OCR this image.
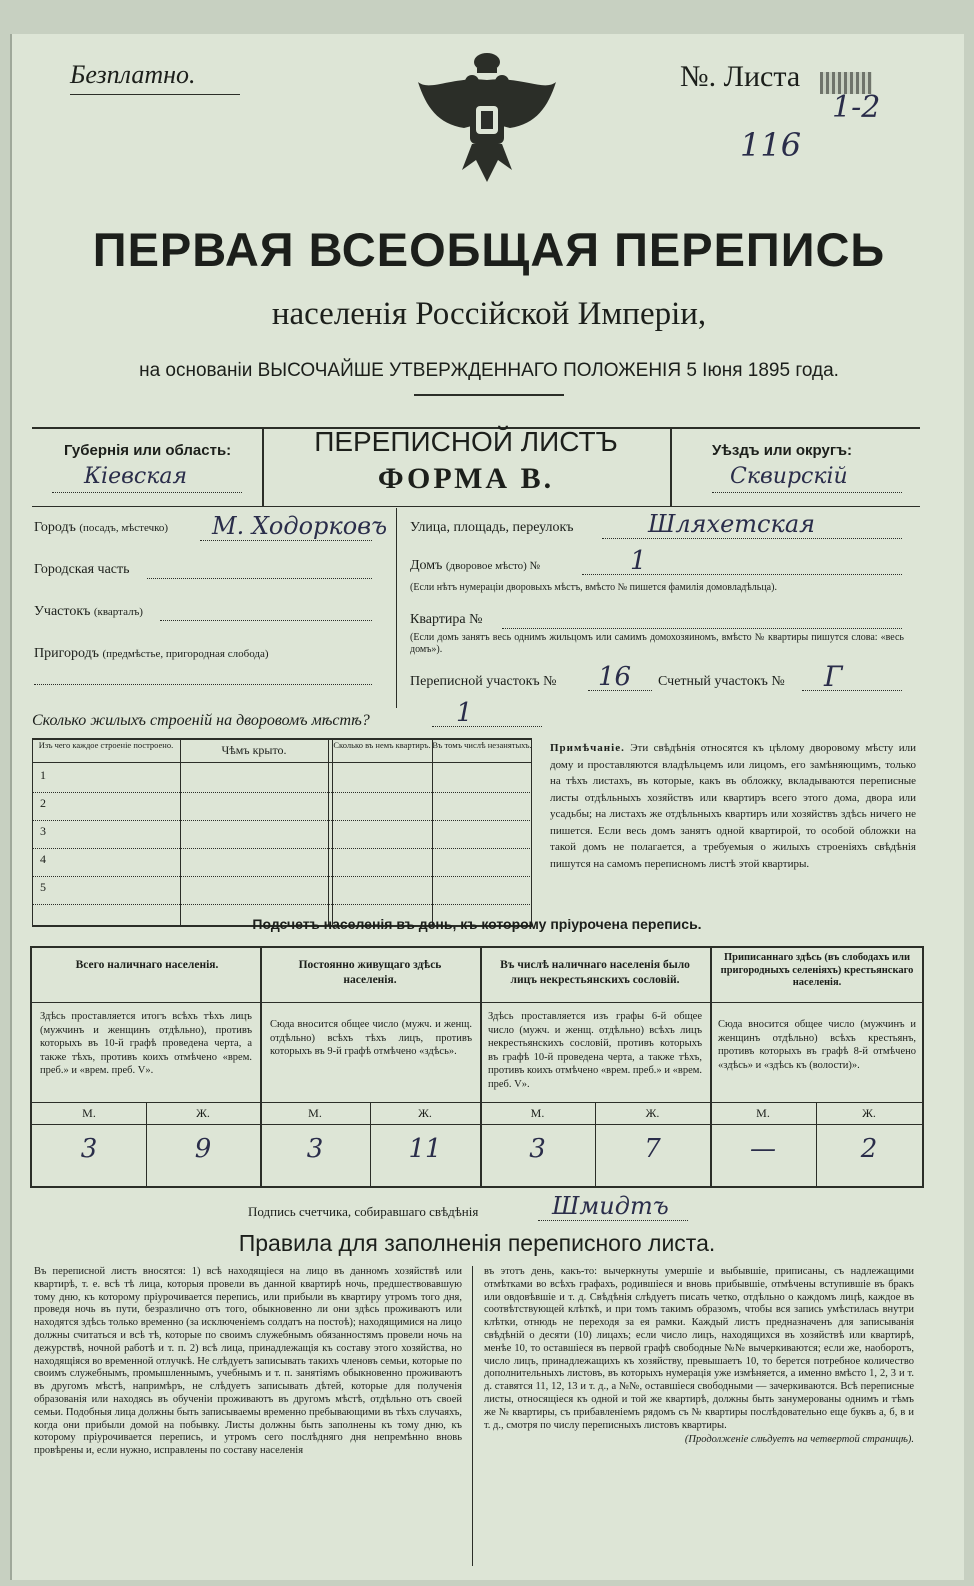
Безплатно.	№. Листа
1-2
116
ПЕРВАЯ ВСЕОБЩАЯ ПЕРЕПИСЬ
населенія Россійской Имперіи,
на основаніи ВЫСОЧАЙШЕ УТВЕРЖДЕННАГО ПОЛОЖЕНІЯ 5 Іюня 1895 года.
Губернія или область:
Кіевская
ПЕРЕПИСНОЙ ЛИСТЪ
ФОРМА В.
Уѣздъ или округъ:
Сквирскій
Городъ (посадъ, мѣстечко) М. Ходорковъ
Городская часть
Участокъ (кварталъ)
Пригородъ (предмѣстье, пригородная слобода)
Улица, площадь, переулокъ	Шляхетская
Домъ (дворовое мѣсто) №	1
(Если нѣтъ нумераціи дворовыхъ мѣстъ, вмѣсто № пишется фамилія домовладѣльца).
Квартира №
(Если домъ занятъ весь однимъ жильцомъ или самимъ домохозяиномъ, вмѣсто № квартиры пишутся слова: «весь домъ»).
Переписной участокъ № 16 Счетный участокъ № Г
Сколько жилыхъ строеній на дворовомъ мѣстѣ?	1
Изъ чего каждое строеніе построено.	Чѣмъ крыто.	Сколько въ немъ квартиръ. Въ томъ числѣ незанятыхъ.
1
2
3
4
5
Примѣчаніе. Эти свѣдѣнія относятся къ цѣлому дворовому мѣсту или дому и проставляются владѣльцемъ или лицомъ, его замѣняющимъ, только на тѣхъ листахъ, въ которые, какъ въ обложку, вкладываются переписные листы отдѣльныхъ хозяйствъ или квартиръ всего этого дома, двора или усадьбы; на листахъ же отдѣльныхъ квартиръ или хозяйствъ здѣсь ничего не пишется. Если весь домъ занятъ одной квартирой, то особой обложки на такой домъ не полагается, а требуемыя о жилыхъ строеніяхъ свѣдѣнія пишутся на самомъ переписномъ листѣ этой квартиры.
Подсчетъ населенія въ день, къ которому пріурочена перепись.
Всего наличнаго населенія.
Здѣсь проставляется итогъ всѣхъ тѣхъ лицъ (мужчинъ и женщинъ отдѣльно), противъ которыхъ въ 10-й графѣ проведена черта, а также тѣхъ, противъ коихъ отмѣчено «врем. преб.» и «врем. преб. V».
Постоянно живущаго здѣсь населенія.
Сюда вносится общее число (мужч. и женщ. отдѣльно) всѣхъ тѣхъ лицъ, противъ которыхъ въ 9-й графѣ отмѣчено «здѣсь».
Въ числѣ наличнаго населенія было лицъ некрестьянскихъ сословій.
Здѣсь проставляется изъ графы 6-й общее число (мужч. и женщ. отдѣльно) всѣхъ лицъ некрестьянскихъ сословій, противъ которыхъ въ графѣ 10-й проведена черта, а также тѣхъ, противъ коихъ отмѣчено «врем. преб.» и «врем. преб. V».
Приписаннаго здѣсь (въ слободахъ или пригородныхъ селеніяхъ) крестьянскаго населенія.
Сюда вносится общее число (мужчинъ и женщинъ отдѣльно) всѣхъ крестьянъ, противъ которыхъ въ графѣ 8-й отмѣчено «здѣсь» и «здѣсь къ (волости)».
М.	Ж.	М.	Ж.	М.	Ж.	М.	Ж.
3	9	3	11	3	7	—	2
Подпись счетчика, собиравшаго свѣдѣнія	Шмидтъ
Правила для заполненія переписного листа.

Въ переписной листъ вносятся: 1) всѣ находящіеся на лицо въ данномъ хозяйствѣ или квартирѣ, т. е. всѣ тѣ лица, которыя провели въ данной квартирѣ ночь, предшествовавшую тому дню, къ которому пріурочивается перепись, или прибыли въ квартиру утромъ того дня, проведя ночь въ пути, безразлично отъ того, обыкновенно ли они здѣсь проживаютъ или находятся здѣсь только временно (за исключеніемъ солдатъ на постоѣ); находящимися на лицо должны считаться и всѣ тѣ, которые по своимъ служебнымъ обязанностямъ провели ночь на дежурствѣ, ночной работѣ и т. п. 2) всѣ лица, принадлежащія къ составу этого хозяйства, но находящіяся во временной отлучкѣ. Не слѣдуетъ записывать такихъ членовъ семьи, которые по своимъ служебнымъ, промышленнымъ, учебнымъ и т. п. занятіямъ обыкновенно проживаютъ въ другомъ мѣстѣ, напримѣръ, не слѣдуетъ записывать дѣтей, которые для полученія образованія или находясь въ обученіи проживаютъ въ другомъ мѣстѣ, отдѣльно отъ своей семьи. Подобныя лица должны быть записываемы временно пребывающими въ тѣхъ случаяхъ, когда они прибыли домой на побывку. Листы должны быть заполнены къ тому дню, къ которому пріурочивается перепись, и утромъ сего послѣдняго дня непремѣнно вновь провѣрены и, если нужно, исправлены по составу населенія

въ этотъ день, какъ-то: вычеркнуты умершіе и выбывшіе, приписаны, съ надлежащими отмѣтками во всѣхъ графахъ, родившіеся и вновь прибывшіе, отмѣчены вступившіе въ бракъ или овдовѣвшіе и т. д. Свѣдѣнія слѣдуетъ писать четко, отдѣльно о каждомъ лицѣ, каждое въ соотвѣтствующей клѣткѣ, и при томъ такимъ образомъ, чтобы вся запись умѣстилась внутри клѣтки, отнюдь не переходя за ея рамки. Каждый листъ предназначенъ для записыванія свѣдѣній о десяти (10) лицахъ; если число лицъ, находящихся въ хозяйствѣ или квартирѣ, менѣе 10, то оставшіеся въ первой графѣ свободные №№ вычеркиваются; если же, наоборотъ, число лицъ, принадлежащихъ къ хозяйству, превышаетъ 10, то берется потребное количество дополнительныхъ листовъ, въ которыхъ нумерація уже измѣняется, а именно вмѣсто 1, 2, 3 и т. д. ставятся 11, 12, 13 и т. д., а №№, оставшіеся свободными — зачеркиваются. Всѣ переписные листы, относящіеся къ одной и той же квартирѣ, должны быть занумерованы однимъ и тѣмъ же № квартиры, съ прибавленіемъ рядомъ съ № квартиры послѣдовательно еще буквъ а, б, в и т. д., смотря по числу переписныхъ листовъ квартиры.

(Продолженіе слѣдуетъ на четвертой страницѣ).
